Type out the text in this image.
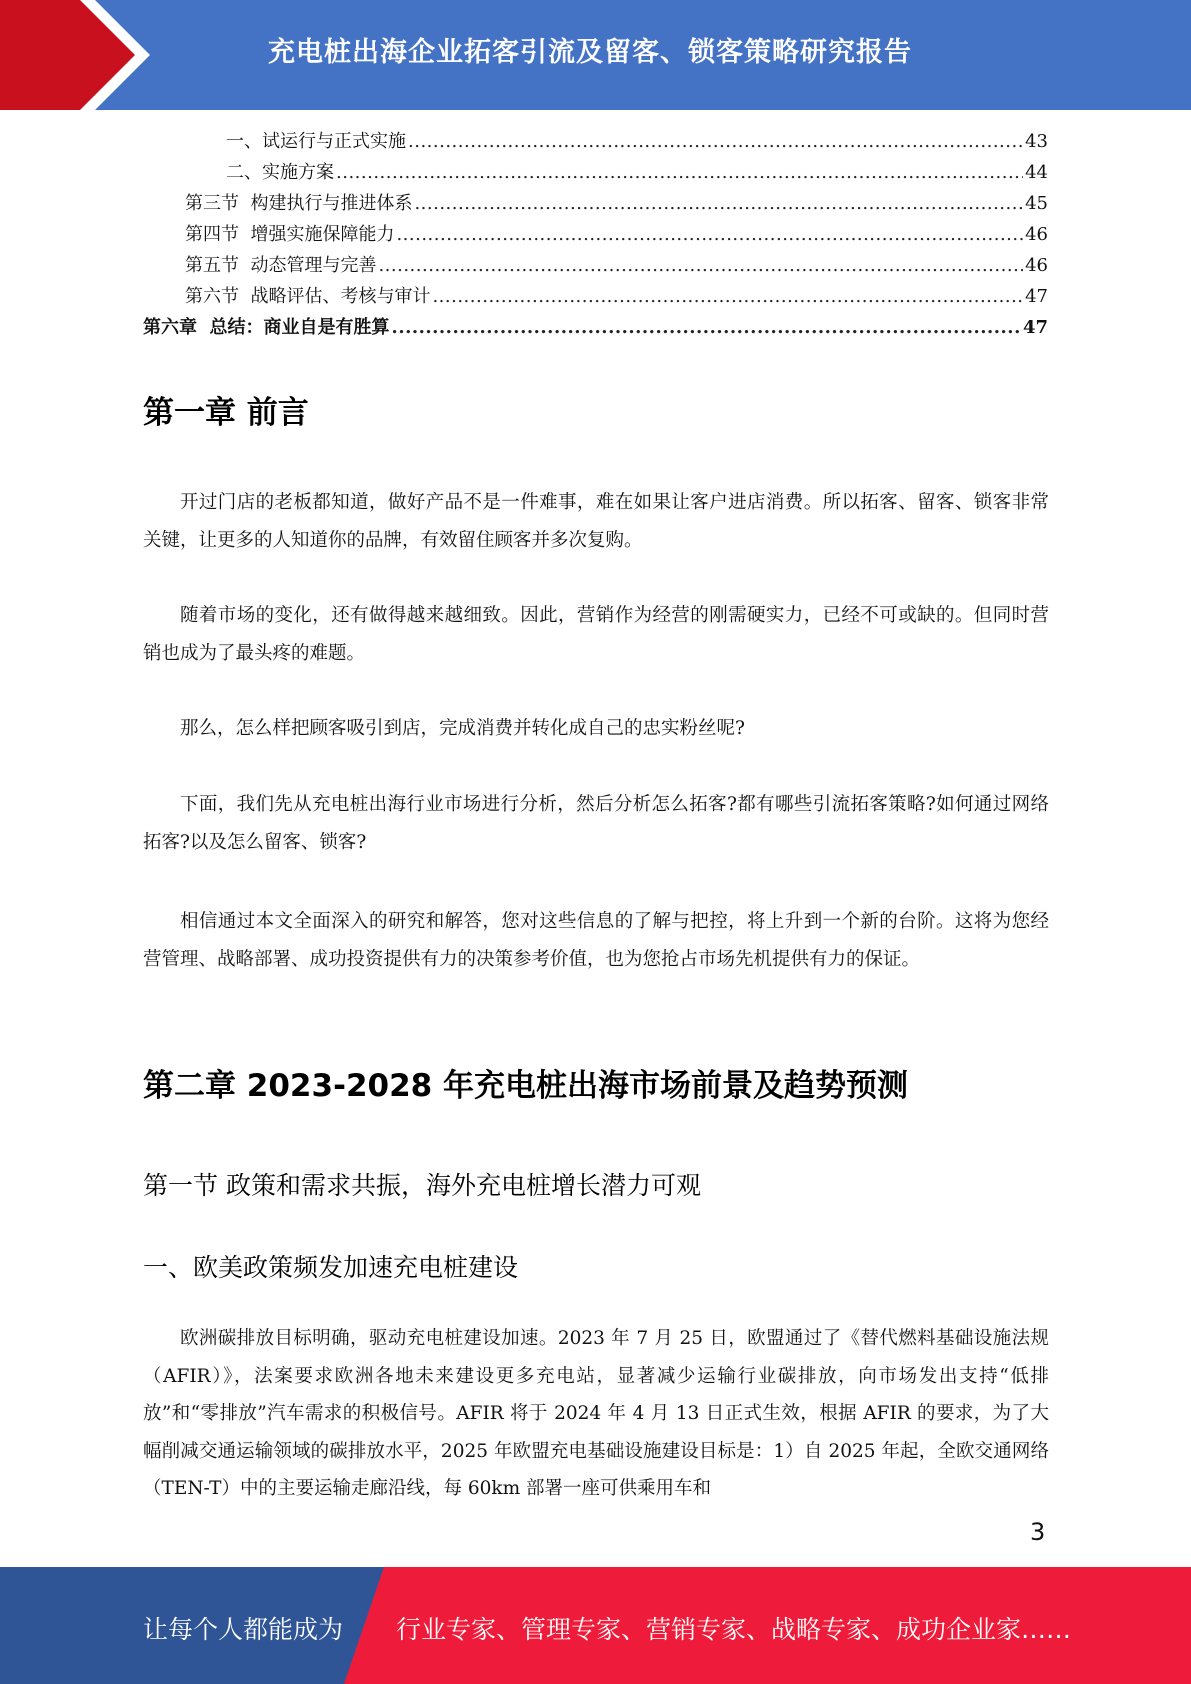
充电桩出海企业拓客引流及留客、锁客策略研究报告
一、试运行与正式实施 .....	43
二、实施方案 .....	44
第三节  构建执行与推进体系 .....	45
第四节  增强实施保障能力 .....	46
第五节  动态管理与完善 .....	46
第六节  战略评估、考核与审计 .....	47
第六章  总结：商业自是有胜算 .....	47
第一章 前言
开过门店的老板都知道，做好产品不是一件难事，难在如果让客户进店消费。所以拓客、留客、锁客非常关键，让更多的人知道你的品牌，有效留住顾客并多次复购。
随着市场的变化，还有做得越来越细致。因此，营销作为经营的刚需硬实力，已经不可或缺的。但同时营销也成为了最头疼的难题。
那么，怎么样把顾客吸引到店，完成消费并转化成自己的忠实粉丝呢?
下面，我们先从充电桩出海行业市场进行分析，然后分析怎么拓客?都有哪些引流拓客策略?如何通过网络拓客?以及怎么留客、锁客?
相信通过本文全面深入的研究和解答，您对这些信息的了解与把控，将上升到一个新的台阶。这将为您经营管理、战略部署、成功投资提供有力的决策参考价值，也为您抢占市场先机提供有力的保证。
第二章 2023-2028 年充电桩出海市场前景及趋势预测
第一节 政策和需求共振，海外充电桩增长潜力可观
一、欧美政策频发加速充电桩建设
欧洲碳排放目标明确，驱动充电桩建设加速。2023 年 7 月 25 日，欧盟通过了《替代燃料基础设施法规（AFIR）》，法案要求欧洲各地未来建设更多充电站，显著减少运输行业碳排放，向市场发出支持“低排放”和“零排放”汽车需求的积极信号。AFIR 将于 2024 年 4 月 13 日正式生效，根据 AFIR 的要求，为了大幅削减交通运输领域的碳排放水平，2025 年欧盟充电基础设施建设目标是：1）自 2025 年起，全欧交通网络（TEN-T）中的主要运输走廊沿线，每 60km 部署一座可供乘用车和
3
让每个人都能成为 行业专家、管理专家、营销专家、战略专家、成功企业家……
